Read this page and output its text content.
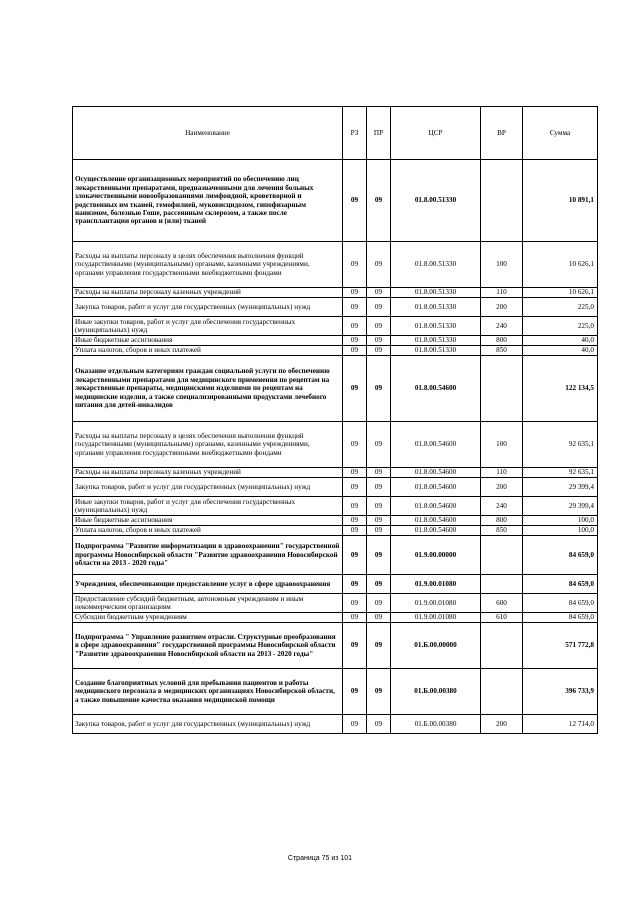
Наименование	РЗ	ПР	ЦСР	ВР	Сумма
Осуществление организационных мероприятий по обеспечению лиц лекарственными препаратами, предназначенными для лечения больных злокачественными новообразованиями лимфоидной, кроветворной и родственных им тканей, гемофилией, муковисцидозом, гипофизарным нанизмом, болезнью Гоше, рассеянным склерозом, а также после трансплантации органов и (или) тканей	09	09	01.8.00.51330		10 891,1
Расходы на выплаты персоналу в целях обеспечения выполнения функций государственными (муниципальными) органами, казенными учреждениями, органами управления государственными внебюджетными фондами	09	09	01.8.00.51330	100	10 626,1
Расходы на выплаты персоналу казенных учреждений	09	09	01.8.00.51330	110	10 626,1
Закупка товаров, работ и услуг для государственных (муниципальных) нужд	09	09	01.8.00.51330	200	225,0
Иные закупки товаров, работ и услуг для обеспечения государственных (муниципальных) нужд	09	09	01.8.00.51330	240	225,0
Иные бюджетные ассигнования	09	09	01.8.00.51330	800	40,0
Уплата налогов, сборов и иных платежей	09	09	01.8.00.51330	850	40,0
Оказание отдельным категориям граждан социальной услуги по обеспечению лекарственными препаратами для медицинского применения по рецептам на лекарственные препараты, медицинскими изделиями по рецептам на медицинские изделия, а также специализированными продуктами лечебного питания для детей-инвалидов	09	09	01.8.00.54600		122 134,5
Расходы на выплаты персоналу в целях обеспечения выполнения функций государственными (муниципальными) органами, казенными учреждениями, органами управления государственными внебюджетными фондами	09	09	01.8.00.54600	100	92 635,1
Расходы на выплаты персоналу казенных учреждений	09	09	01.8.00.54600	110	92 635,1
Закупка товаров, работ и услуг для государственных (муниципальных) нужд	09	09	01.8.00.54600	200	29 399,4
Иные закупки товаров, работ и услуг для обеспечения государственных (муниципальных) нужд	09	09	01.8.00.54600	240	29 399,4
Иные бюджетные ассигнования	09	09	01.8.00.54600	800	100,0
Уплата налогов, сборов и иных платежей	09	09	01.8.00.54600	850	100,0
Подпрограмма "Развитие информатизации в здравоохранении" государственной программы Новосибирской области "Развитие здравоохранения Новосибирской области на 2013 - 2020 годы"	09	09	01.9.00.00000		84 659,0
Учреждения, обеспечивающие предоставление услуг в сфере здравоохранения	09	09	01.9.00.01080		84 659,0
Предоставление субсидий бюджетным, автономным учреждениям и иным некоммерческим организациям	09	09	01.9.00.01080	600	84 659,0
Субсидии бюджетным учреждениям	09	09	01.9.00.01080	610	84 659,0
Подпрограмма " Управление развитием отрасли. Структурные преобразования в сфере здравоохранения" государственной программы Новосибирской области "Развитие здравоохранения Новосибирской области на 2013 - 2020 годы"	09	09	01.Б.00.00000		571 772,8
Создание благоприятных условий для пребывания пациентов и работы медицинского персонала в медицинских организациях Новосибирской области, а также повышение качества оказания медицинской помощи	09	09	01.Б.00.00380		396 733,9
Закупка товаров, работ и услуг для государственных (муниципальных) нужд	09	09	01.Б.00.00380	200	12 714,0
Страница 75 из 101
